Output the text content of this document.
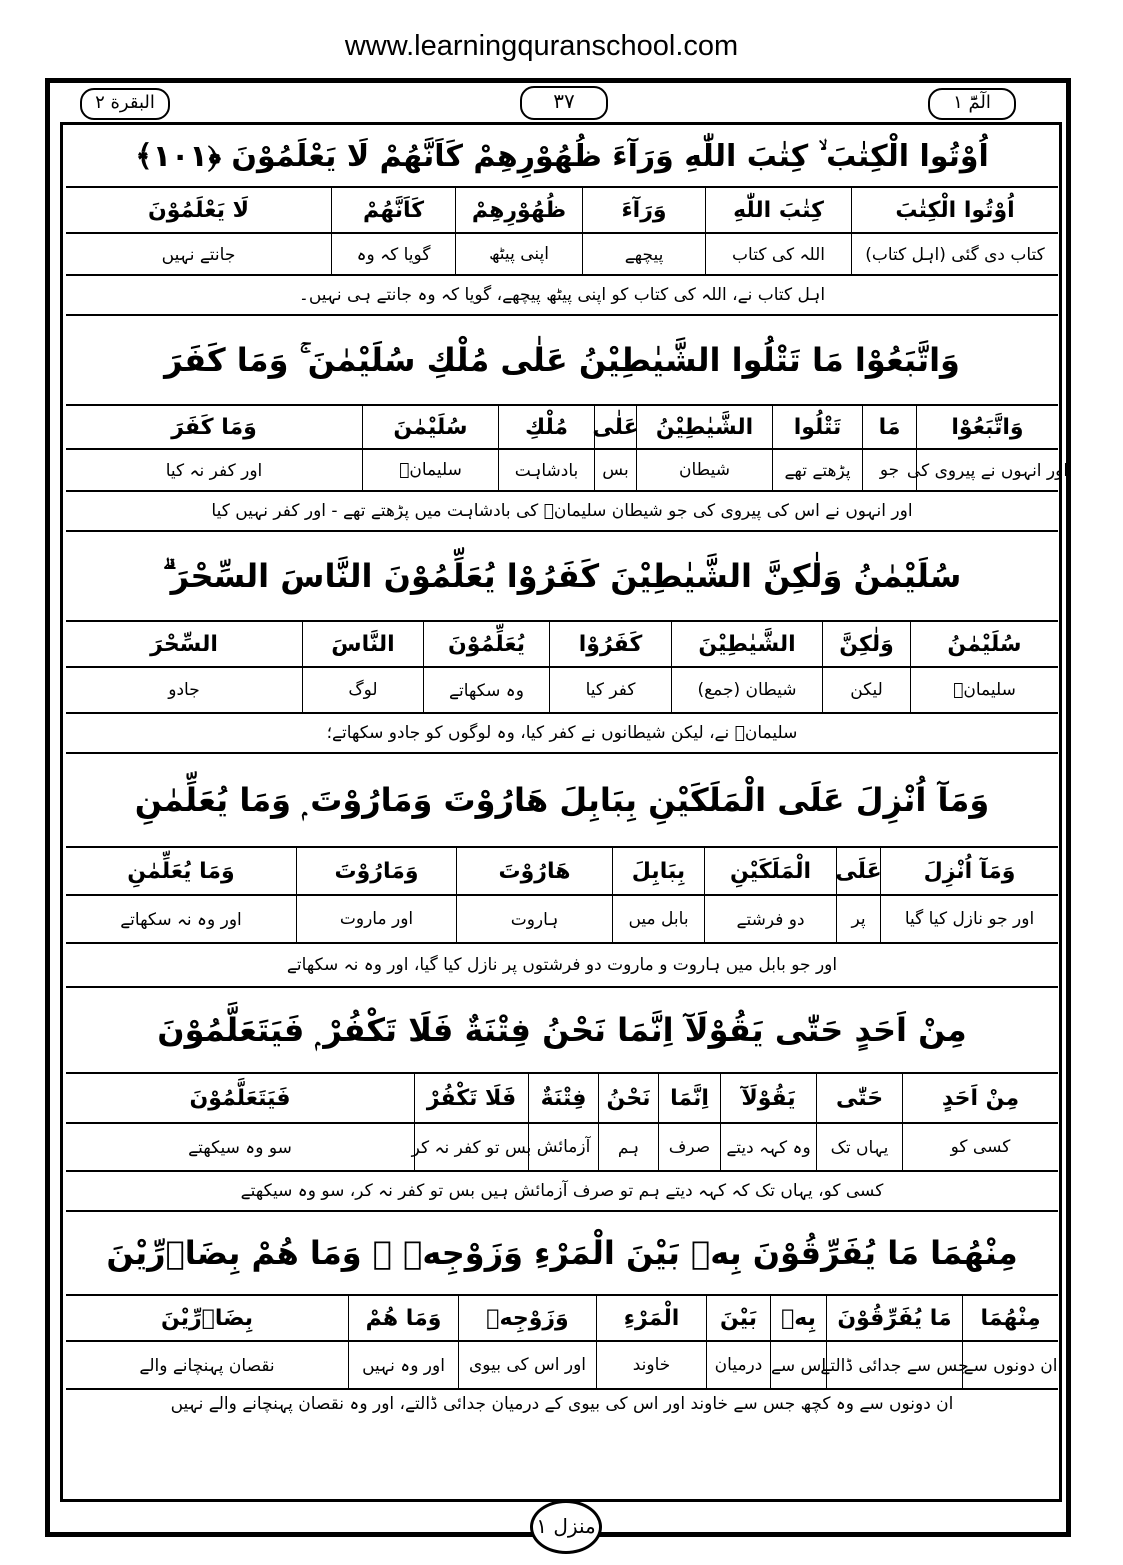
www.learningquranschool.com
البقرة ٢	٣٧	الٓمّٓ ١
اُوْتُوا الْكِتٰبَ ۙ كِتٰبَ اللّٰهِ وَرَآءَ ظُهُوْرِهِمْ كَاَنَّهُمْ لَا يَعْلَمُوْنَ ﴿١٠١﴾
اُوْتُوا الْكِتٰبَ
كِتٰبَ اللّٰهِ
وَرَآءَ
ظُهُوْرِهِمْ
كَاَنَّهُمْ
لَا يَعْلَمُوْنَ
کتاب دی گئی (اہل کتاب)
اللہ کی کتاب
پیچھے
اپنی پیٹھ
گویا کہ وہ
جانتے نہیں
اہل کتاب نے، اللہ کی کتاب کو اپنی پیٹھ پیچھے، گویا کہ وہ جانتے ہی نہیں۔
وَاتَّبَعُوْا مَا تَتْلُوا الشَّيٰطِيْنُ عَلٰى مُلْكِ سُلَيْمٰنَ ۚ وَمَا كَفَرَ
وَاتَّبَعُوْا
مَا
تَتْلُوا
الشَّيٰطِيْنُ
عَلٰى
مُلْكِ
سُلَيْمٰنَ
وَمَا كَفَرَ
اور انہوں نے پیروی کی
جو
پڑھتے تھے
شیطان
بس
بادشاہت
سلیمانؑ
اور کفر نہ کیا
اور انہوں نے اس کی پیروی کی جو شیطان سلیمانؑ کی بادشاہت میں پڑھتے تھے - اور کفر نہیں کیا
سُلَيْمٰنُ وَلٰكِنَّ الشَّيٰطِيْنَ كَفَرُوْا يُعَلِّمُوْنَ النَّاسَ السِّحْرَ ۗ
سُلَيْمٰنُ
وَلٰكِنَّ
الشَّيٰطِيْنَ
كَفَرُوْا
يُعَلِّمُوْنَ
النَّاسَ
السِّحْرَ
سلیمانؑ
لیکن
شیطان (جمع)
کفر کیا
وہ سکھاتے
لوگ
جادو
سلیمانؑ نے، لیکن شیطانوں نے کفر کیا، وہ لوگوں کو جادو سکھاتے؛
وَمَآ اُنْزِلَ عَلَى الْمَلَكَيْنِ بِبَابِلَ هَارُوْتَ وَمَارُوْتَ ۭ وَمَا يُعَلِّمٰنِ
وَمَآ اُنْزِلَ
عَلَى
الْمَلَكَيْنِ
بِبَابِلَ
هَارُوْتَ
وَمَارُوْتَ
وَمَا يُعَلِّمٰنِ
اور جو نازل کیا گیا
پر
دو فرشتے
بابل میں
ہاروت
اور ماروت
اور وہ نہ سکھاتے
اور جو بابل میں ہاروت و ماروت دو فرشتوں پر نازل کیا گیا، اور وہ نہ سکھاتے
مِنْ اَحَدٍ حَتّٰى يَقُوْلَآ اِنَّمَا نَحْنُ فِتْنَةٌ فَلَا تَكْفُرْ ۭ فَيَتَعَلَّمُوْنَ
مِنْ اَحَدٍ
حَتّٰى
يَقُوْلَآ
اِنَّمَا
نَحْنُ
فِتْنَةٌ
فَلَا تَكْفُرْ
فَيَتَعَلَّمُوْنَ
کسی کو
یہاں تک
وہ کہہ دیتے
صرف
ہم
آزمائش
بس تو کفر نہ کر
سو وہ سیکھتے
کسی کو، یہاں تک کہ کہہ دیتے ہم تو صرف آزمائش ہیں بس تو کفر نہ کر، سو وہ سیکھتے
مِنْهُمَا مَا يُفَرِّقُوْنَ بِهٖ بَيْنَ الْمَرْءِ وَزَوْجِهٖ ۭ وَمَا هُمْ بِضَاۗرِّيْنَ
مِنْهُمَا
مَا يُفَرِّقُوْنَ
بِهٖ
بَيْنَ
الْمَرْءِ
وَزَوْجِهٖ
وَمَا هُمْ
بِضَاۗرِّيْنَ
ان دونوں سے
جس سے جدائی ڈالتے
اس سے
درمیان
خاوند
اور اس کی بیوی
اور وہ نہیں
نقصان پہنچانے والے
ان دونوں سے وہ کچھ جس سے خاوند اور اس کی بیوی کے درمیان جدائی ڈالتے، اور وہ نقصان پہنچانے والے نہیں
منزل ١
